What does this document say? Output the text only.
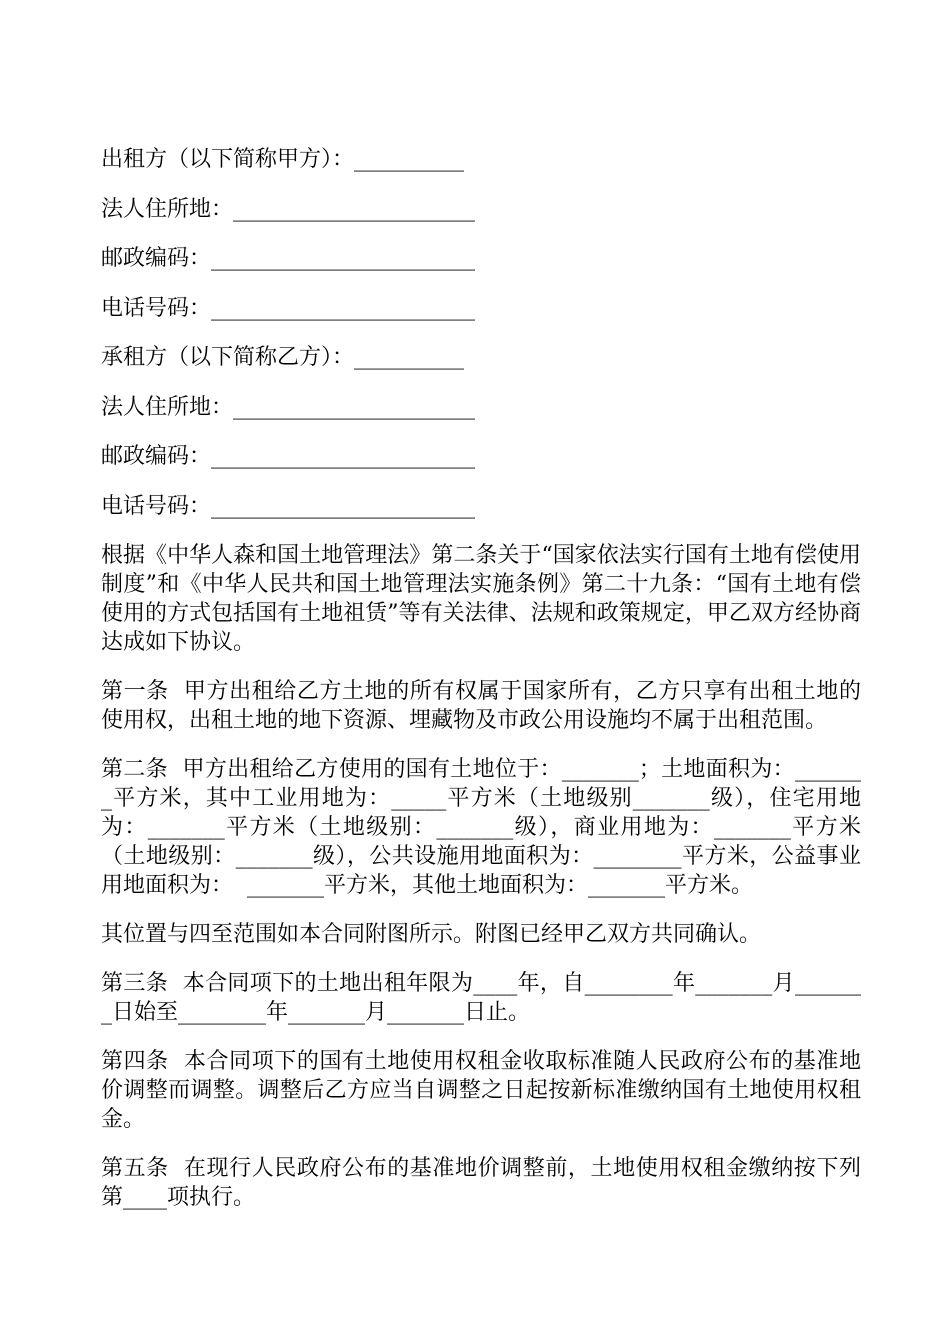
出租方（以下简称甲方）：__________
法人住所地：______________________
邮政编码：________________________
电话号码：________________________
承租方（以下简称乙方）：__________
法人住所地：______________________
邮政编码：________________________
电话号码：________________________

根据《中华人森和国土地管理法》第二条关于“国家依法实行国有土地有偿使用制度”和《中华人民共和国土地管理法实施条例》第二十九条：“国有土地有偿使用的方式包括国有土地祖赁”等有关法律、法规和政策规定，甲乙双方经协商达成如下协议。

第一条  甲方出租给乙方土地的所有权属于国家所有，乙方只享有出租土地的使用权，出租土地的地下资源、埋藏物及市政公用设施均不属于出租范围。

第二条  甲方出租给乙方使用的国有土地位于：_______；土地面积为：_______平方米，其中工业用地为：_____平方米（土地级别_______级），住宅用地为：_______平方米（土地级别：_______级），商业用地为：_______平方米（土地级别：_______级），公共设施用地面积为：________平方米，公益事业用地面积为：  _______平方米，其他土地面积为：_______平方米。

其位置与四至范围如本合同附图所示。附图已经甲乙双方共同确认。

第三条  本合同项下的土地出租年限为____年，自________年_______月_______日始至________年_______月_______日止。

第四条  本合同项下的国有土地使用权租金收取标准随人民政府公布的基准地价调整而调整。调整后乙方应当自调整之日起按新标准缴纳国有土地使用权租金。

第五条  在现行人民政府公布的基准地价调整前，土地使用权租金缴纳按下列第____项执行。
